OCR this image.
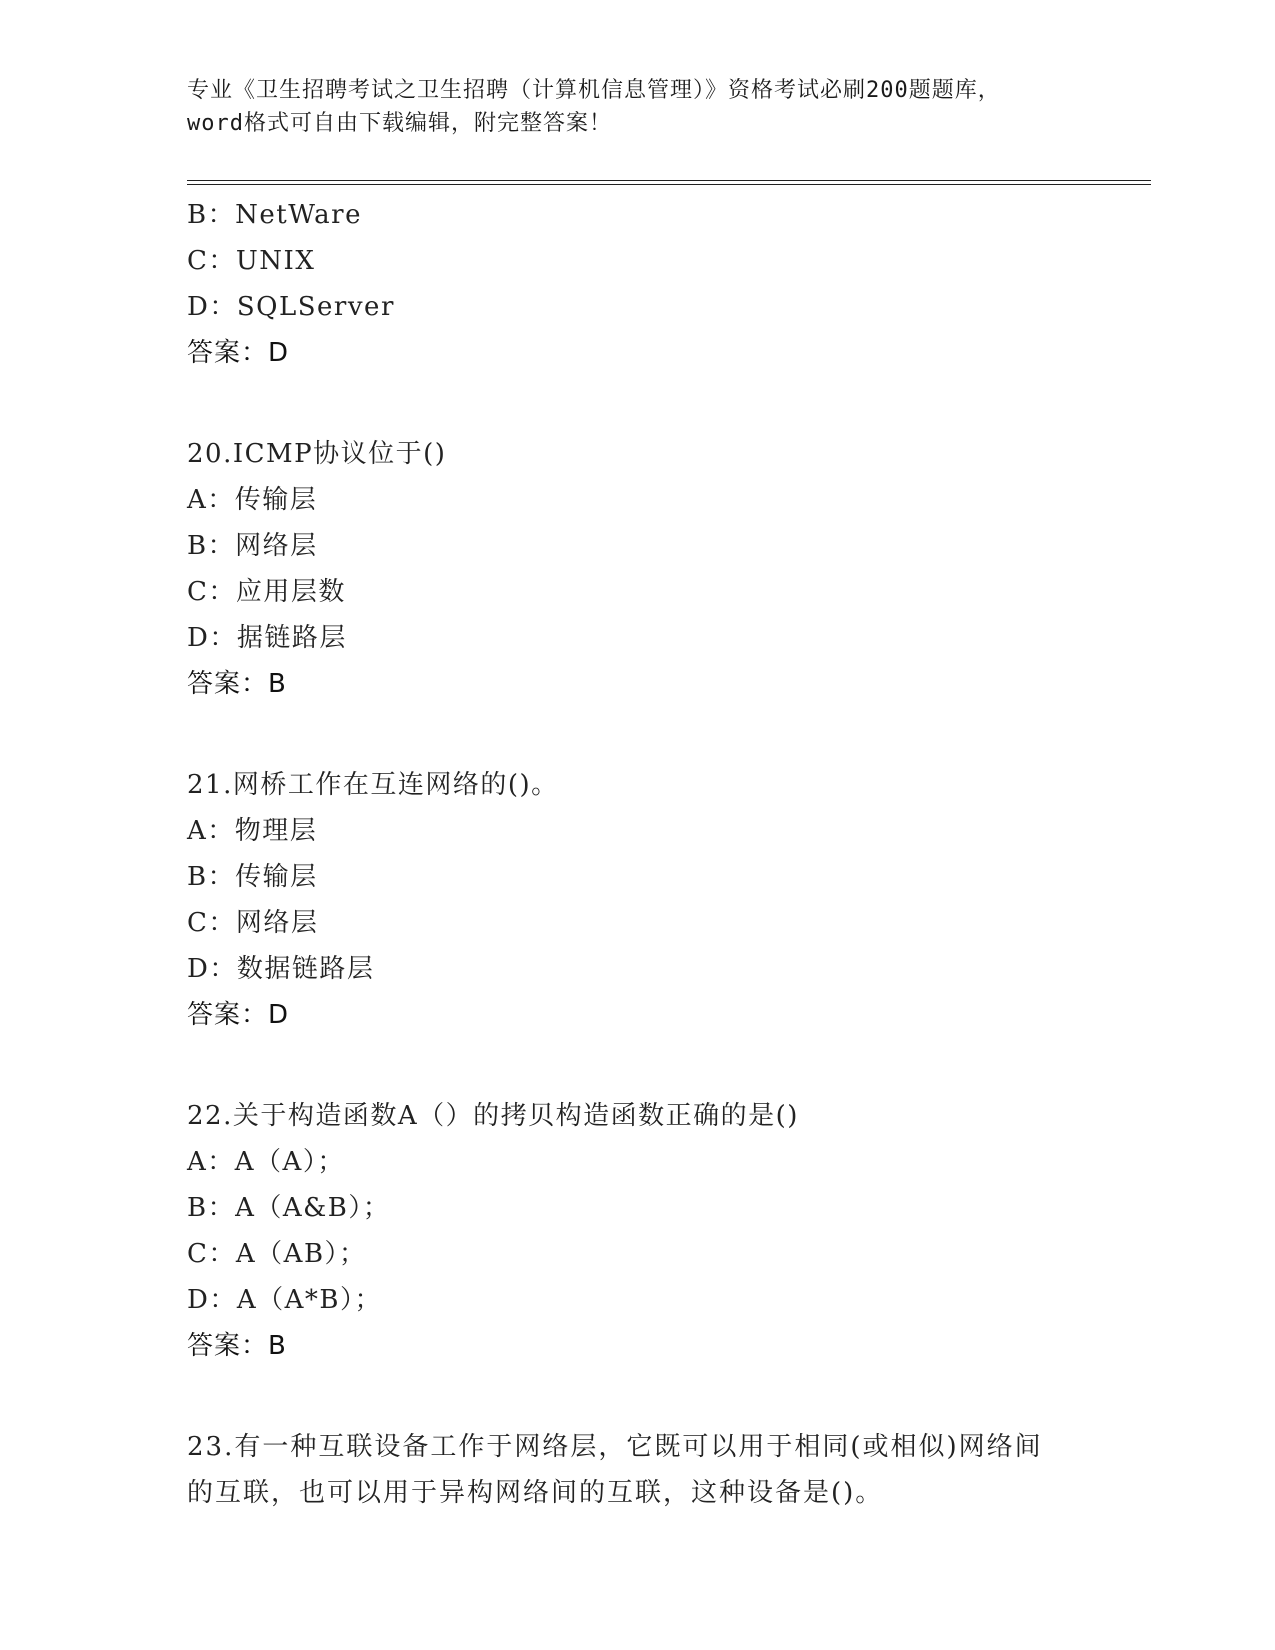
专业《卫生招聘考试之卫生招聘（计算机信息管理）》资格考试必刷200题题库，
word格式可自由下载编辑，附完整答案！
B：NetWare
C：UNIX
D：SQLServer
答案：D
20.ICMP协议位于()
A：传输层
B：网络层
C：应用层数
D：据链路层
答案：B
21.网桥工作在互连网络的()。
A：物理层
B：传输层
C：网络层
D：数据链路层
答案：D
22.关于构造函数A（）的拷贝构造函数正确的是()
A：A（A）；
B：A（A&B）；
C：A（AB）；
D：A（A*B）；
答案：B
23.有一种互联设备工作于网络层，它既可以用于相同(或相似)网络间
的互联，也可以用于异构网络间的互联，这种设备是()。
